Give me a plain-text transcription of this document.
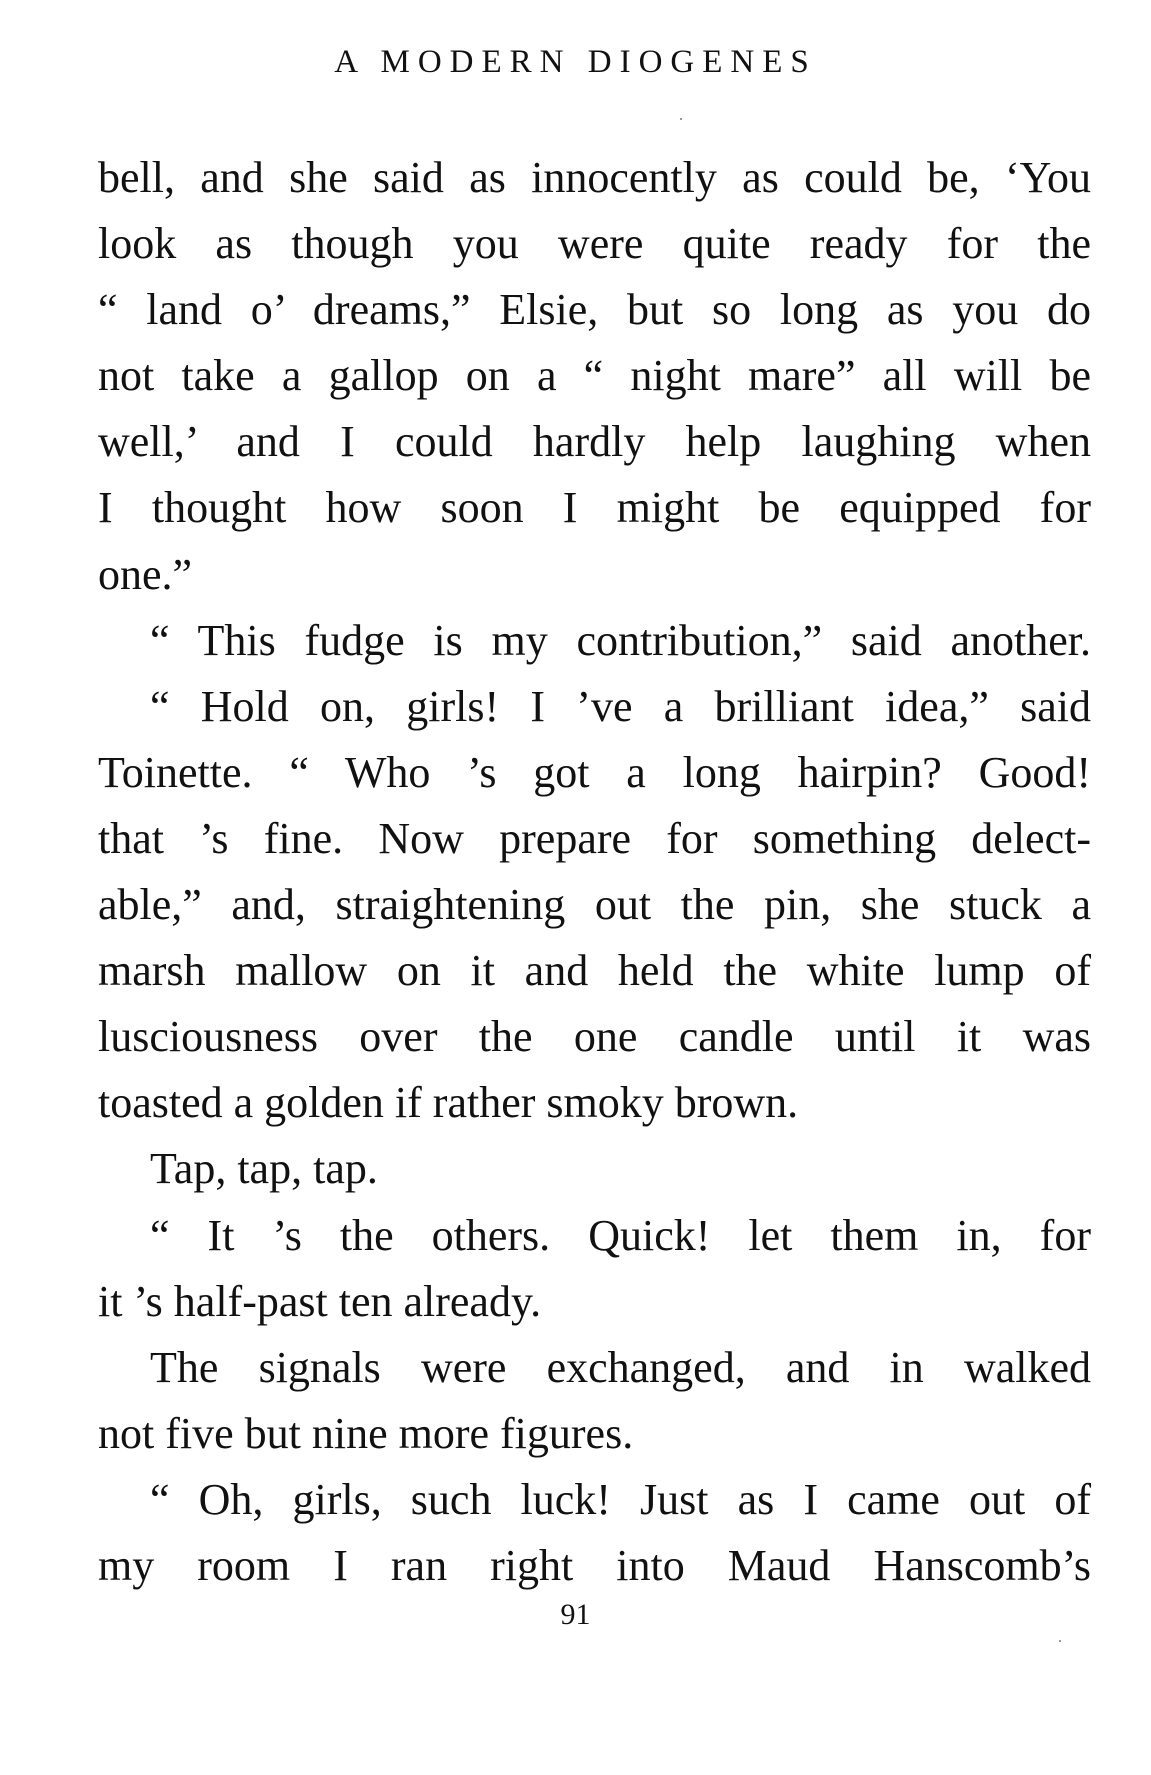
A MODERN DIOGENES
bell, and she said as innocently as could be, ‘You
look as though you were quite ready for the
“ land o’ dreams,” Elsie, but so long as you do
not take a gallop on a “ night mare” all will be
well,’ and I could hardly help laughing when
I thought how soon I might be equipped for
one.”
“ This fudge is my contribution,” said another.
“ Hold on, girls! I ’ve a brilliant idea,” said
Toinette. “ Who ’s got a long hairpin? Good!
that ’s fine. Now prepare for something delect-
able,” and, straightening out the pin, she stuck a
marsh mallow on it and held the white lump of
lusciousness over the one candle until it was
toasted a golden if rather smoky brown.
Tap, tap, tap.
“ It ’s the others. Quick! let them in, for
it ’s half-past ten already.
The signals were exchanged, and in walked
not five but nine more figures.
“ Oh, girls, such luck! Just as I came out of
my room I ran right into Maud Hanscomb’s
91
